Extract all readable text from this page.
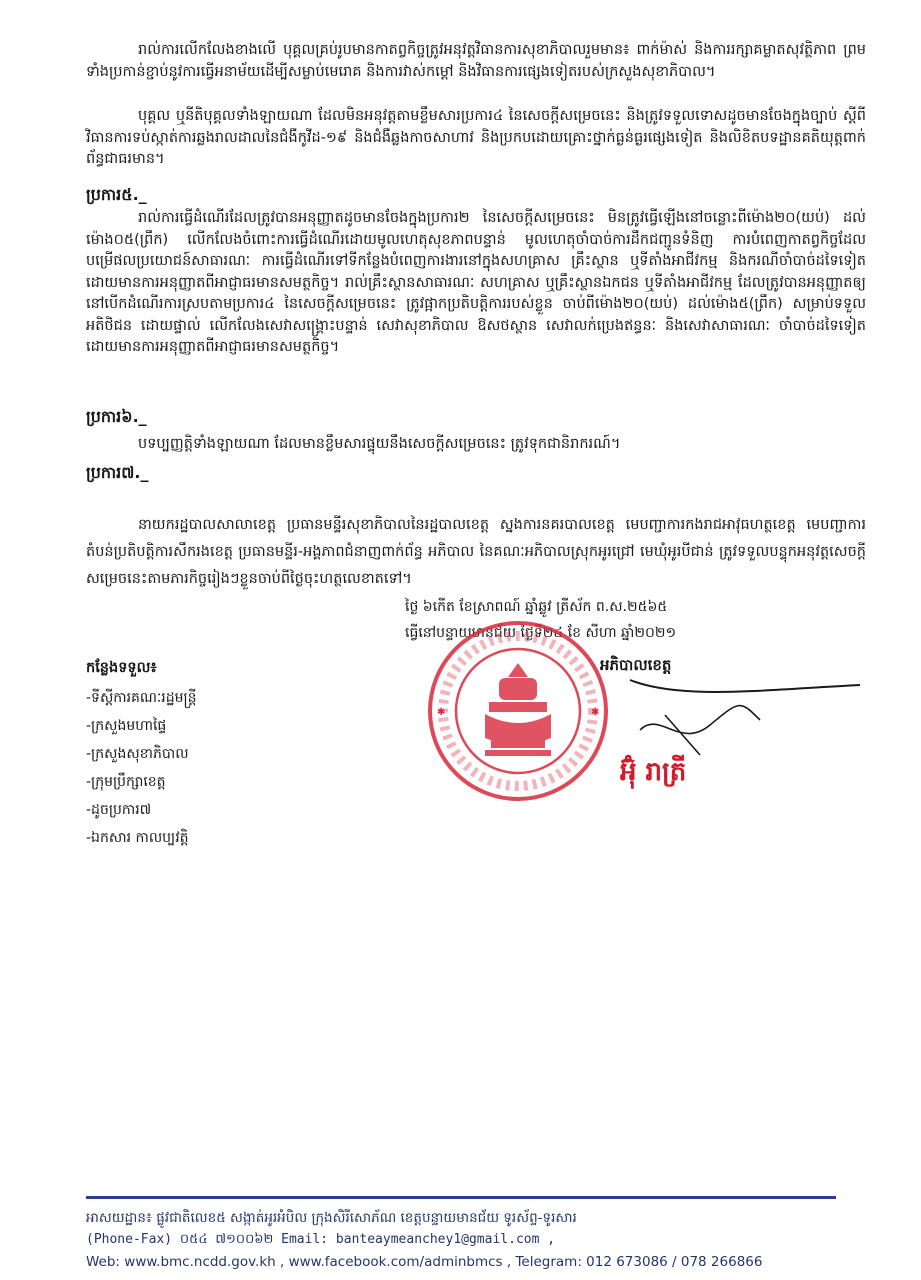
រាល់ការលើកលែងខាងលើ បុគ្គលគ្រប់រូបមានកាតព្វកិច្ចត្រូវអនុវត្តវិធានការសុខាភិបាលរួមមាន៖ ពាក់ម៉ាស់ និងការរក្សាគម្លាតសុវត្ថិភាព ព្រមទាំងប្រកាន់ខ្ជាប់នូវការធ្វើអនាម័យដើម្បីសម្លាប់មេរោគ និងការវាស់កម្ដៅ និងវិធានការផ្សេងទៀតរបស់ក្រសួងសុខាភិបាល។
បុគ្គល ឬនីតិបុគ្គលទាំងឡាយណា ដែលមិនអនុវត្តតាមខ្លឹមសារប្រការ៤ នៃសេចក្តីសម្រេចនេះ និងត្រូវទទួលទោសដូចមានចែងក្នុងច្បាប់ ស្តីពីវិធានការទប់ស្កាត់ការឆ្លងរាលដាលនៃជំងឺកូវីដ-១៩ និងជំងឺឆ្លងកាចសាហាវ និងប្រកបដោយគ្រោះថ្នាក់ធ្ងន់ធ្ងរផ្សេងទៀត និងលិខិតបទដ្ឋានគតិយុត្តពាក់ព័ន្ធជាធរមាន។
ប្រការ៥._
រាល់ការធ្វើដំណើរដែលត្រូវបានអនុញ្ញាតដូចមានចែងក្នុងប្រការ២ នៃសេចក្តីសម្រេចនេះ មិនត្រូវធ្វើឡើងនៅចន្លោះពីម៉ោង២០(យប់) ដល់ម៉ោង០៥(ព្រឹក) លើកលែងចំពោះការធ្វើដំណើរដោយមូលហេតុសុខភាពបន្ទាន់ មូលហេតុចាំបាច់ការដឹកជញ្ជូនទំនិញ ការបំពេញកាតព្វកិច្ចដែលបម្រើផលប្រយោជន៍សាធារណៈ ការធ្វើដំណើរទៅទីកន្លែងបំពេញការងារនៅក្នុងសហគ្រាស គ្រឹះស្ថាន ឬទីតាំងអាជីវកម្ម និងករណីចាំបាច់ដទៃទៀតដោយមានការអនុញ្ញាតពីអាជ្ញាធរមានសមត្ថកិច្ច។ រាល់គ្រឹះស្ថានសាធារណៈ សហគ្រាស ឬគ្រឹះស្ថានឯកជន ឬទីតាំងអាជីវកម្ម ដែលត្រូវបានអនុញ្ញាតឲ្យនៅបើកដំណើរការស្របតាមប្រការ៤ នៃសេចក្តីសម្រេចនេះ ត្រូវផ្អាកប្រតិបត្តិការរបស់ខ្លួន ចាប់ពីម៉ោង២០(យប់) ដល់ម៉ោង៥(ព្រឹក) សម្រាប់ទទួលអតិថិជន ដោយផ្ទាល់ លើកលែងសេវាសង្គ្រោះបន្ទាន់ សេវាសុខាភិបាល ឱសថស្ថាន សេវាលក់ប្រេងឥន្ធនៈ និងសេវាសាធារណៈ ចាំបាច់ដទៃទៀត ដោយមានការអនុញ្ញាតពីអាជ្ញាធរមានសមត្ថកិច្ច។
ប្រការ៦._
បទប្បញ្ញត្តិទាំងឡាយណា ដែលមានខ្លឹមសារផ្ទុយនឹងសេចក្តីសម្រេចនេះ ត្រូវទុកជានិរាករណ៍។
ប្រការ៧._
នាយករដ្ឋបាលសាលាខេត្ត ប្រធានមន្ទីរសុខាភិបាលនៃរដ្ឋបាលខេត្ត ស្នងការនគរបាលខេត្ត មេបញ្ជាការកងរាជអាវុធហត្ថខេត្ត មេបញ្ជាការតំបន់ប្រតិបត្តិការសឹករងខេត្ត ប្រធានមន្ទីរ-អង្គភាពជំនាញពាក់ព័ន្ធ អភិបាល នៃគណៈអភិបាលស្រុកអូរជ្រៅ មេឃុំអូរបីជាន់ ត្រូវទទួលបន្ទុកអនុវត្តសេចក្តីសម្រេចនេះតាមភារកិច្ចរៀងៗខ្លួនចាប់ពីថ្ងៃចុះហត្ថលេខាតទៅ។
ថ្ងៃ​ ៦កើត ខែស្រាពណ៍ ឆ្នាំឆ្លូវ ត្រីស័ក ព.ស.២៥៦៥
ធ្វើនៅបន្ទាយមានជ័យ ថ្ងៃទី២៤ ខែ សីហា ឆ្នាំ២០២១
✱	✱
អភិបាលខេត្ត
អ៊ុំ រាត្រី
កន្លែងទទួល៖
-ទីស្តីការគណៈរដ្ឋមន្ត្រី
-ក្រសួងមហាផ្ទៃ
-ក្រសួងសុខាភិបាល
-ក្រុមប្រឹក្សាខេត្ត
-ដូចប្រការ៧
-ឯកសារ កាលប្បវត្តិ
អាសយដ្ឋាន៖ ផ្លូវជាតិលេខ៥ សង្កាត់អូរអំបិល ក្រុងសិរីសោភ័ណ ខេត្តបន្ទាយមានជ័យ ទូរស័ព្ទ-ទូរសារ
(Phone-Fax) ០៥៤ ៧១០០៦២ Email: banteaymeanchey1@gmail.com ,
Web: www.bmc.ncdd.gov.kh , www.facebook.com/adminbmcs , Telegram: 012 673086 / 078 266866
